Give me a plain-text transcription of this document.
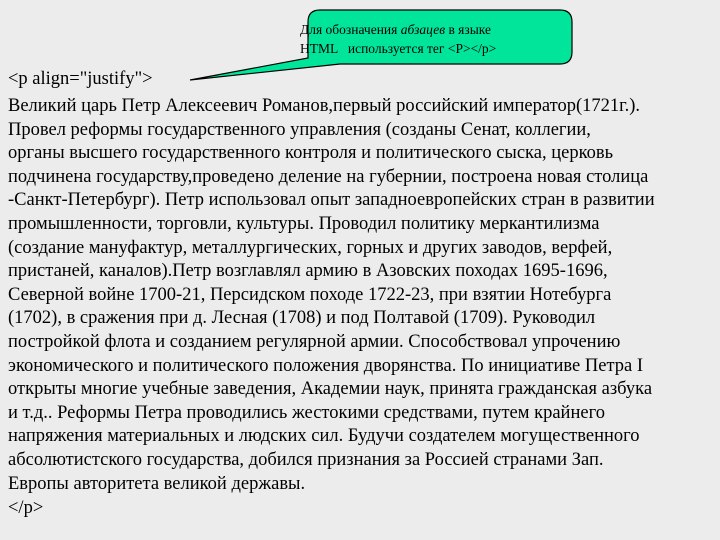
Для обозначения абзацев в языке
HTML   используется тег <P></p>
<p align="justify">
Великий царь Петр Алексеевич Романов,первый российский император(1721г.).
Провел реформы государственного управления (созданы Сенат, коллегии,
органы высшего государственного контроля и политического сыска, церковь
подчинена государству,проведено деление на губернии, построена новая столица
-Санкт-Петербург). Петр использовал опыт западноевропейских стран в развитии
промышленности, торговли, культуры. Проводил политику меркантилизма
(создание мануфактур, металлургических, горных и других заводов, верфей,
пристаней, каналов).Петр возглавлял армию в Азовских походах 1695-1696,
Северной войне 1700-21, Персидском походе 1722-23, при взятии Нотебурга
(1702), в сражения при д. Лесная (1708) и под Полтавой (1709). Руководил
постройкой флота и созданием регулярной армии. Способствовал упрочению
экономического и политического положения дворянства. По инициативе Петра I
открыты многие учебные заведения, Академии наук, принята гражданская азбука
и т.д.. Реформы Петра проводились жестокими средствами, путем крайнего
напряжения материальных и людских сил. Будучи создателем могущественного
абсолютистского государства, добился признания за Россией странами Зап.
Европы авторитета великой державы.
</p>
